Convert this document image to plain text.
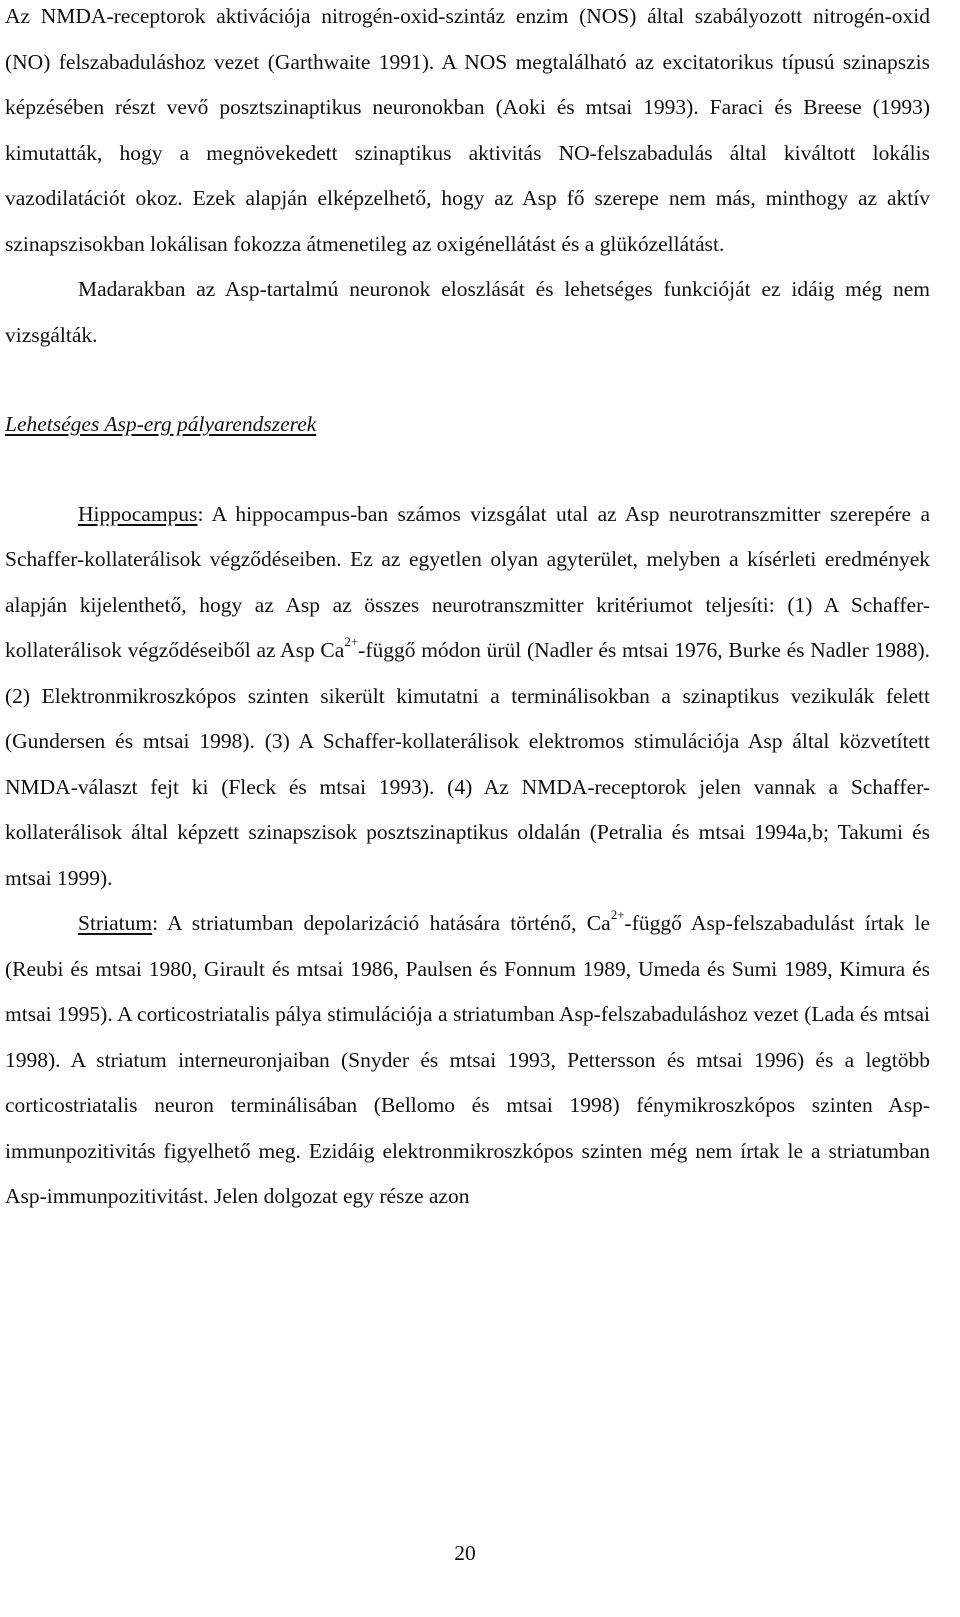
Az NMDA-receptorok aktivációja nitrogén-oxid-szintáz enzim (NOS) által szabályozott nitrogén-oxid (NO) felszabaduláshoz vezet (Garthwaite 1991). A NOS megtalálható az excitatorikus típusú szinapszis képzésében részt vevő posztszinaptikus neuronokban (Aoki és mtsai 1993). Faraci és Breese (1993) kimutatták, hogy a megnövekedett szinaptikus aktivitás NO-felszabadulás által kiváltott lokális vazodilatációt okoz. Ezek alapján elképzelhető, hogy az Asp fő szerepe nem más, minthogy az aktív szinapszisokban lokálisan fokozza átmenetileg az oxigénellátást és a glükózellátást.

Madarakban az Asp-tartalmú neuronok eloszlását és lehetséges funkcióját ez idáig még nem vizsgálták.

Lehetséges Asp-erg pályarendszerek

Hippocampus: A hippocampus-ban számos vizsgálat utal az Asp neurotranszmitter szerepére a Schaffer-kollaterálisok végződéseiben. Ez az egyetlen olyan agyterület, melyben a kísérleti eredmények alapján kijelenthető, hogy az Asp az összes neurotranszmitter kritériumot teljesíti: (1) A Schaffer-kollaterálisok végződéseiből az Asp $Ca^{2+}$-függő módon ürül (Nadler és mtsai 1976, Burke és Nadler 1988). (2) Elektronmikroszkópos szinten sikerült kimutatni a terminálisokban a szinaptikus vezikulák felett (Gundersen és mtsai 1998). (3) A Schaffer-kollaterálisok elektromos stimulációja Asp által közvetített NMDA-választ fejt ki (Fleck és mtsai 1993). (4) Az NMDA-receptorok jelen vannak a Schaffer-kollaterálisok által képzett szinapszisok posztszinaptikus oldalán (Petralia és mtsai 1994a,b; Takumi és mtsai 1999).

Striatum: A striatumban depolarizáció hatására történő, $Ca^{2+}$-függő Asp-felszabadulást írtak le (Reubi és mtsai 1980, Girault és mtsai 1986, Paulsen és Fonnum 1989, Umeda és Sumi 1989, Kimura és mtsai 1995). A corticostriatalis pálya stimulációja a striatumban Asp-felszabaduláshoz vezet (Lada és mtsai 1998). A striatum interneuronjaiban (Snyder és mtsai 1993, Pettersson és mtsai 1996) és a legtöbb corticostriatalis neuron terminálisában (Bellomo és mtsai 1998) fénymikroszkópos szinten Asp-immunpozitivitás figyelhető meg. Ezidáig elektronmikroszkópos szinten még nem írtak le a striatumban Asp-immunpozitivitást. Jelen dolgozat egy része azon

20
